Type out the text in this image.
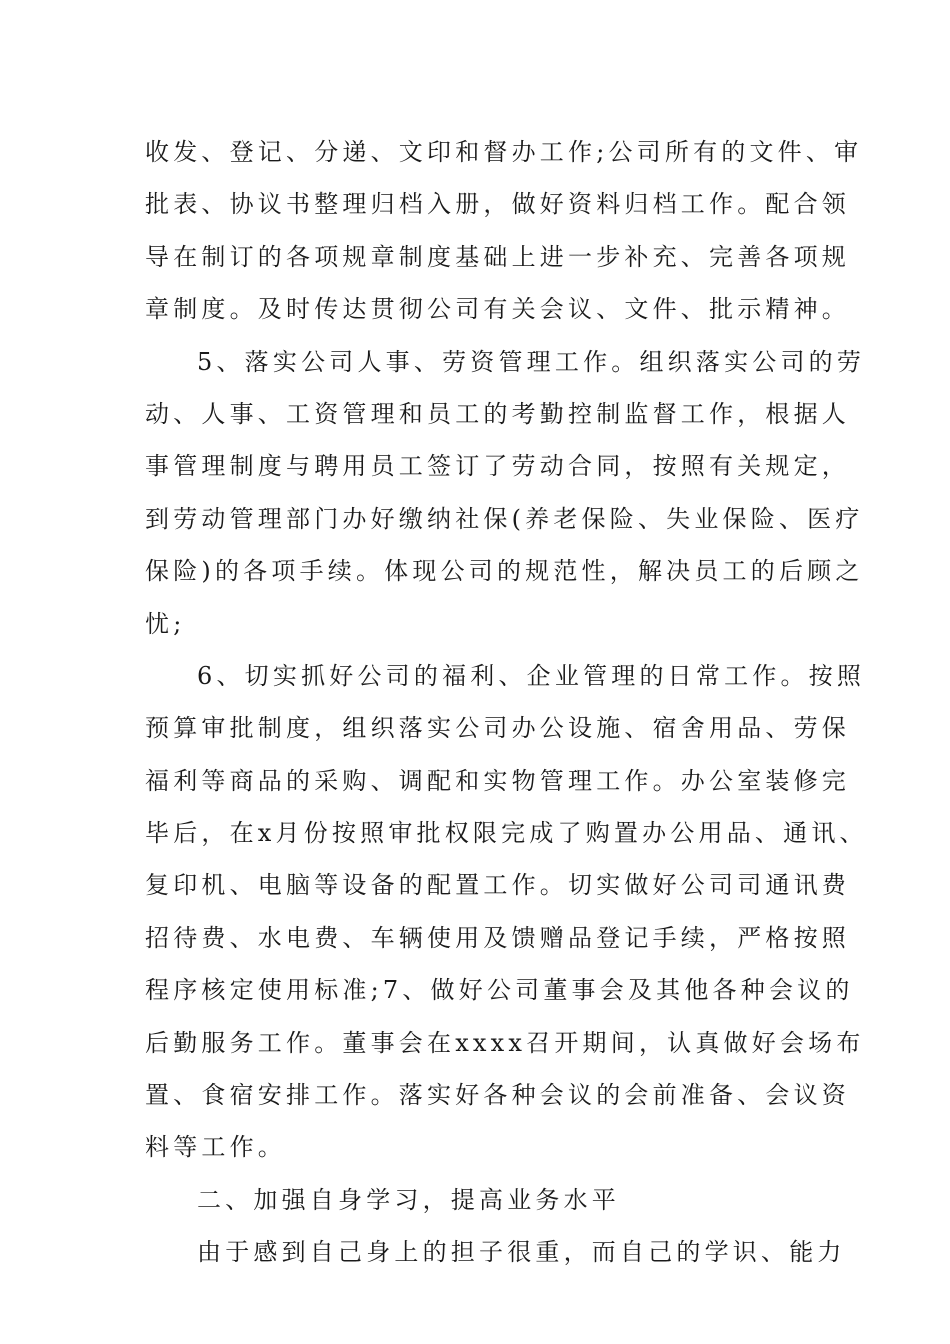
收发、登记、分递、文印和督办工作;公司所有的文件、审
批表、协议书整理归档入册，做好资料归档工作。配合领
导在制订的各项规章制度基础上进一步补充、完善各项规
章制度。及时传达贯彻公司有关会议、文件、批示精神。
5、落实公司人事、劳资管理工作。组织落实公司的劳
动、人事、工资管理和员工的考勤控制监督工作，根据人
事管理制度与聘用员工签订了劳动合同，按照有关规定，
到劳动管理部门办好缴纳社保(养老保险、失业保险、医疗
保险)的各项手续。体现公司的规范性，解决员工的后顾之
忧;
6、切实抓好公司的福利、企业管理的日常工作。按照
预算审批制度，组织落实公司办公设施、宿舍用品、劳保
福利等商品的采购、调配和实物管理工作。办公室装修完
毕后，在x月份按照审批权限完成了购置办公用品、通讯、
复印机、电脑等设备的配置工作。切实做好公司司通讯费
招待费、水电费、车辆使用及馈赠品登记手续，严格按照
程序核定使用标准;7、做好公司董事会及其他各种会议的
后勤服务工作。董事会在xxxx召开期间，认真做好会场布
置、食宿安排工作。落实好各种会议的会前准备、会议资
料等工作。
二、加强自身学习，提高业务水平
由于感到自己身上的担子很重，而自己的学识、能力
